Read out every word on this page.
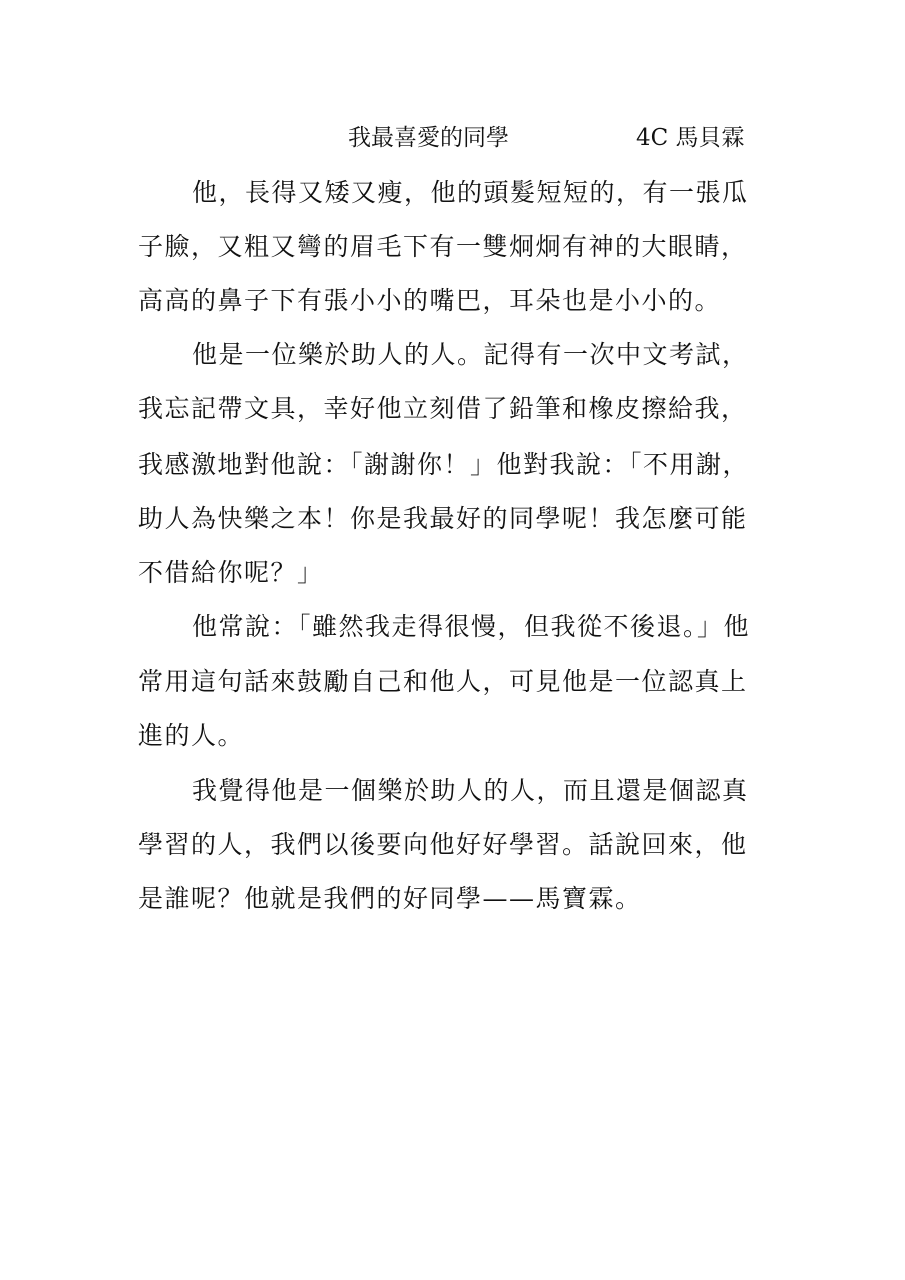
我最喜愛的同學	4C 馬貝霖
他，長得又矮又瘦，他的頭髮短短的，有一張瓜
子臉，又粗又彎的眉毛下有一雙炯炯有神的大眼睛，
高高的鼻子下有張小小的嘴巴，耳朵也是小小的。
他是一位樂於助人的人。記得有一次中文考試，
我忘記帶文具，幸好他立刻借了鉛筆和橡皮擦給我，
我感激地對他說：「謝謝你！」他對我說：「不用謝，
助人為快樂之本！你是我最好的同學呢！我怎麼可能
不借給你呢？」
他常說：「雖然我走得很慢，但我從不後退。」他
常用這句話來鼓勵自己和他人，可見他是一位認真上
進的人。
我覺得他是一個樂於助人的人，而且還是個認真
學習的人，我們以後要向他好好學習。話說回來，他
是誰呢？他就是我們的好同學——馬寶霖。
